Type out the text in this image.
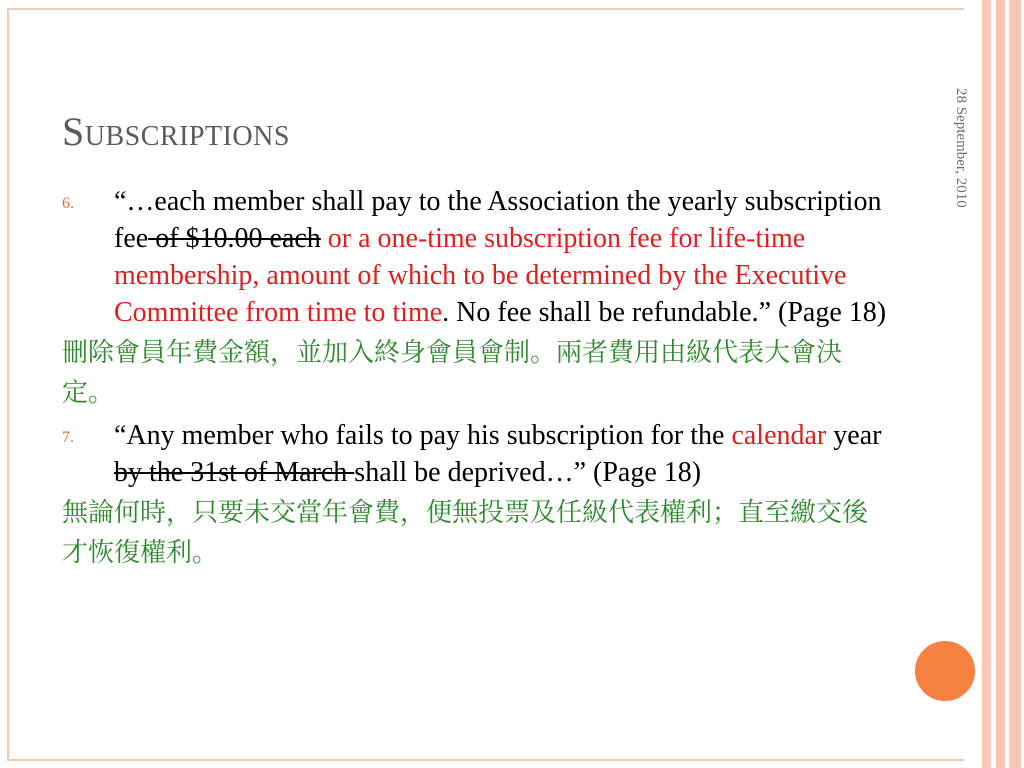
28 September, 2010
Subscriptions
6. “…each member shall pay to the Association the yearly subscription fee of $10.00 each or a one-time subscription fee for life-time membership, amount of which to be determined by the Executive Committee from time to time. No fee shall be refundable.” (Page 18)
刪除會員年費金額，並加入終身會員會制。兩者費用由級代表大會決定。
7. “Any member who fails to pay his subscription for the calendar year by the 31st of March shall be deprived…” (Page 18)
無論何時，只要未交當年會費，便無投票及任級代表權利；直至繳交後才恢復權利。
